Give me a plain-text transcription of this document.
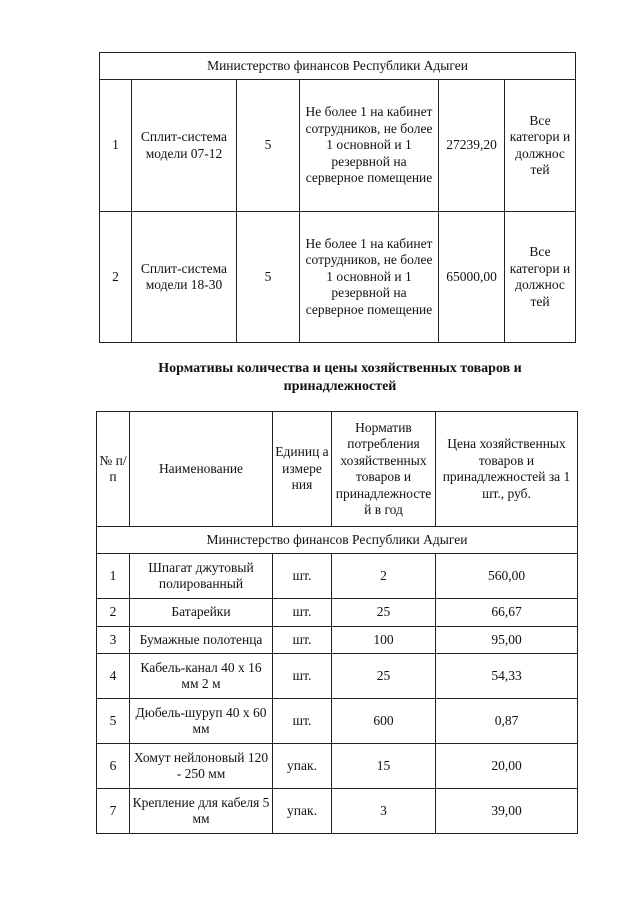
Министерство финансов Республики Адыгеи					
1	Сплит-система модели 07-12	5	Не более 1 на кабинет сотрудников, не более 1 основной и 1 резервной на серверное помещение	27239,20	Все категори и должнос тей
2	Сплит-система модели 18-30	5	Не более 1 на кабинет сотрудников, не более 1 основной и 1 резервной на серверное помещение	65000,00	Все категори и должнос тей
Нормативы количества и цены хозяйственных товаров и принадлежностей
№ п/п	Наименование	Единиц а измере ния	Норматив потребления хозяйственных товаров и принадлежносте й в год	Цена хозяйственных товаров и принадлежностей за 1 шт., руб.
Министерство финансов Республики Адыгеи				
1	Шпагат джутовый полированный	шт.	2	560,00
2	Батарейки	шт.	25	66,67
3	Бумажные полотенца	шт.	100	95,00
4	Кабель-канал 40 х 16 мм 2 м	шт.	25	54,33
5	Дюбель-шуруп 40 х 60 мм	шт.	600	0,87
6	Хомут нейлоновый 120 - 250 мм	упак.	15	20,00
7	Крепление для кабеля 5 мм	упак.	3	39,00
